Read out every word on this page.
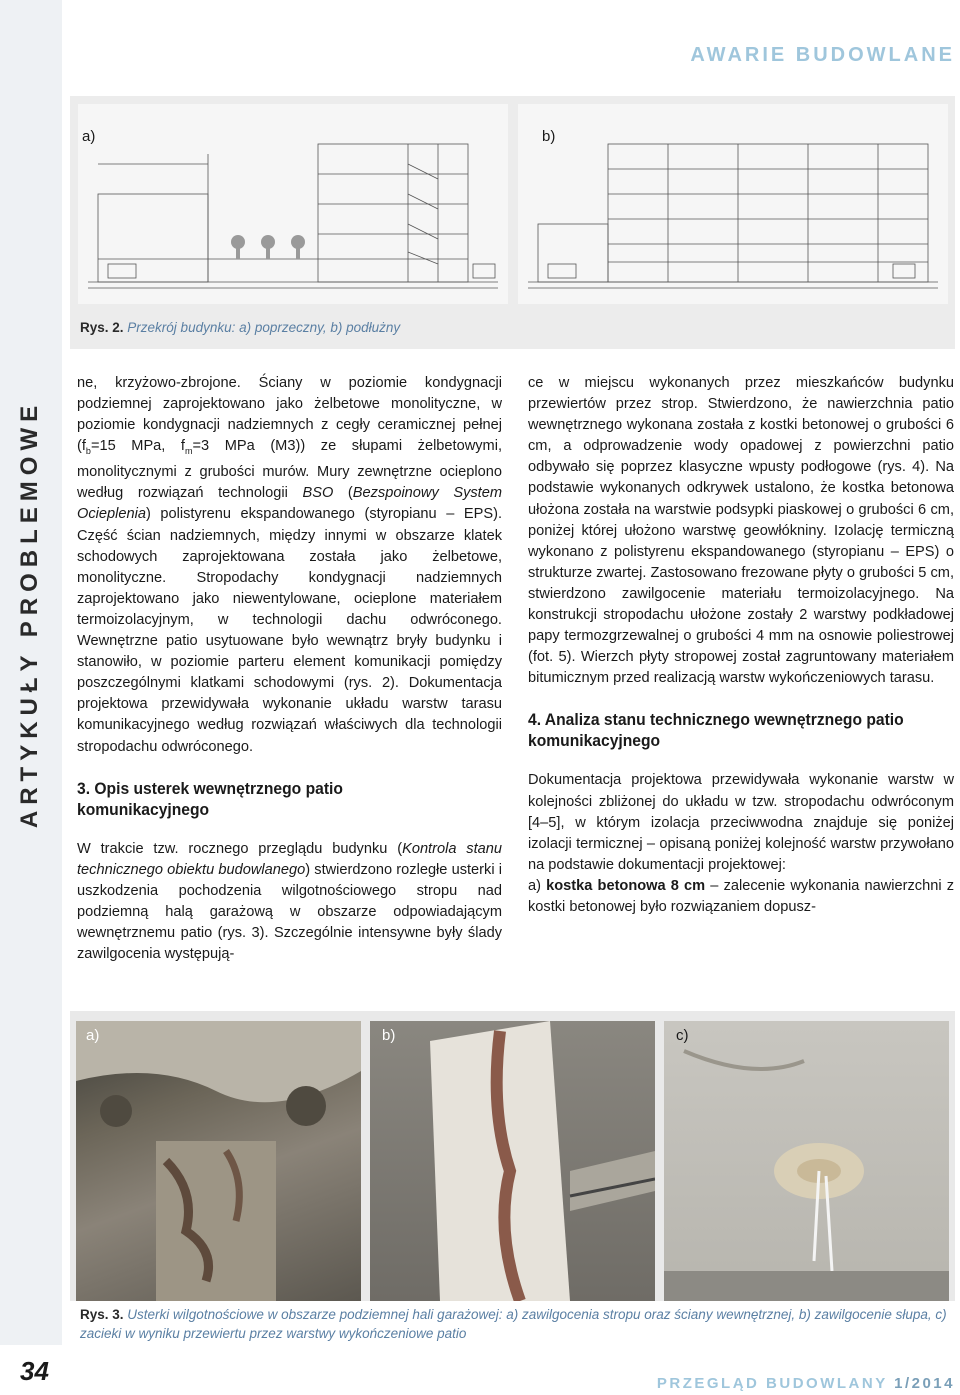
AWARIE BUDOWLANE
ARTYKUŁY PROBLEMOWE
a)	b)
Rys. 2. Przekrój budynku: a) poprzeczny, b) podłużny

ne, krzyżowo-zbrojone. Ściany w poziomie kondygnacji podziemnej zaprojektowano jako żelbetowe monolityczne, w poziomie kondygnacji nadziemnych z cegły ceramicznej pełnej ($f_b=15$ MPa, $f_m=3$ MPa (M3)) ze słupami żelbetowymi, monolitycznymi z grubości murów. Mury zewnętrzne ocieplono według rozwiązań technologii BSO (Bezspoinowy System Ocieplenia) polistyrenu ekspandowanego (styropianu – EPS). Część ścian nadziemnych, między innymi w obszarze klatek schodowych zaprojektowana została jako żelbetowe, monolityczne. Stropodachy kondygnacji nadziemnych zaprojektowano jako niewentylowane, ocieplone materiałem termoizolacyjnym, w technologii dachu odwróconego. Wewnętrzne patio usytuowane było wewnątrz bryły budynku i stanowiło, w poziomie parteru element komunikacji pomiędzy poszczególnymi klatkami schodowymi (rys. 2). Dokumentacja projektowa przewidywała wykonanie układu warstw tarasu komunikacyjnego według rozwiązań właściwych dla technologii stropodachu odwróconego.

3. Opis usterek wewnętrznego patio komunikacyjnego

W trakcie tzw. rocznego przeglądu budynku (Kontrola stanu technicznego obiektu budowlanego) stwierdzono rozległe usterki i uszkodzenia pochodzenia wilgotnościowego stropu nad podziemną halą garażową w obszarze odpowiadającym wewnętrznemu patio (rys. 3). Szczególnie intensywne były ślady zawilgocenia występują-

ce w miejscu wykonanych przez mieszkańców budynku przewiertów przez strop. Stwierdzono, że nawierzchnia patio wewnętrznego wykonana została z kostki betonowej o grubości 6 cm, a odprowadzenie wody opadowej z powierzchni patio odbywało się poprzez klasyczne wpusty podłogowe (rys. 4). Na podstawie wykonanych odkrywek ustalono, że kostka betonowa ułożona została na warstwie podsypki piaskowej o grubości 6 cm, poniżej której ułożono warstwę geowłókniny. Izolację termiczną wykonano z polistyrenu ekspandowanego (styropianu – EPS) o strukturze zwartej. Zastosowano frezowane płyty o grubości 5 cm, stwierdzono zawilgocenie materiału termoizolacyjnego. Na konstrukcji stropodachu ułożone zostały 2 warstwy podkładowej papy termozgrzewalnej o grubości 4 mm na osnowie poliestrowej (fot. 5). Wierzch płyty stropowej został zagruntowany materiałem bitumicznym przed realizacją warstw wykończeniowych tarasu.

4. Analiza stanu technicznego wewnętrznego patio komunikacyjnego

Dokumentacja projektowa przewidywała wykonanie warstw w kolejności zbliżonej do układu w tzw. stropodachu odwróconym [4–5], w którym izolacja przeciwwodna znajduje się poniżej izolacji termicznej – opisaną poniżej kolejność warstw przywołano na podstawie dokumentacji projektowej:

a) kostka betonowa 8 cm – zalecenie wykonania nawierzchni z kostki betonowej było rozwiązaniem dopusz-

a)	b)	c)
Rys. 3. Usterki wilgotnościowe w obszarze podziemnej hali garażowej: a) zawilgocenia stropu oraz ściany wewnętrznej, b) zawilgocenie słupa, c) zacieki w wyniku przewiertu przez warstwy wykończeniowe patio
34	PRZEGLĄD BUDOWLANY 1/2014
